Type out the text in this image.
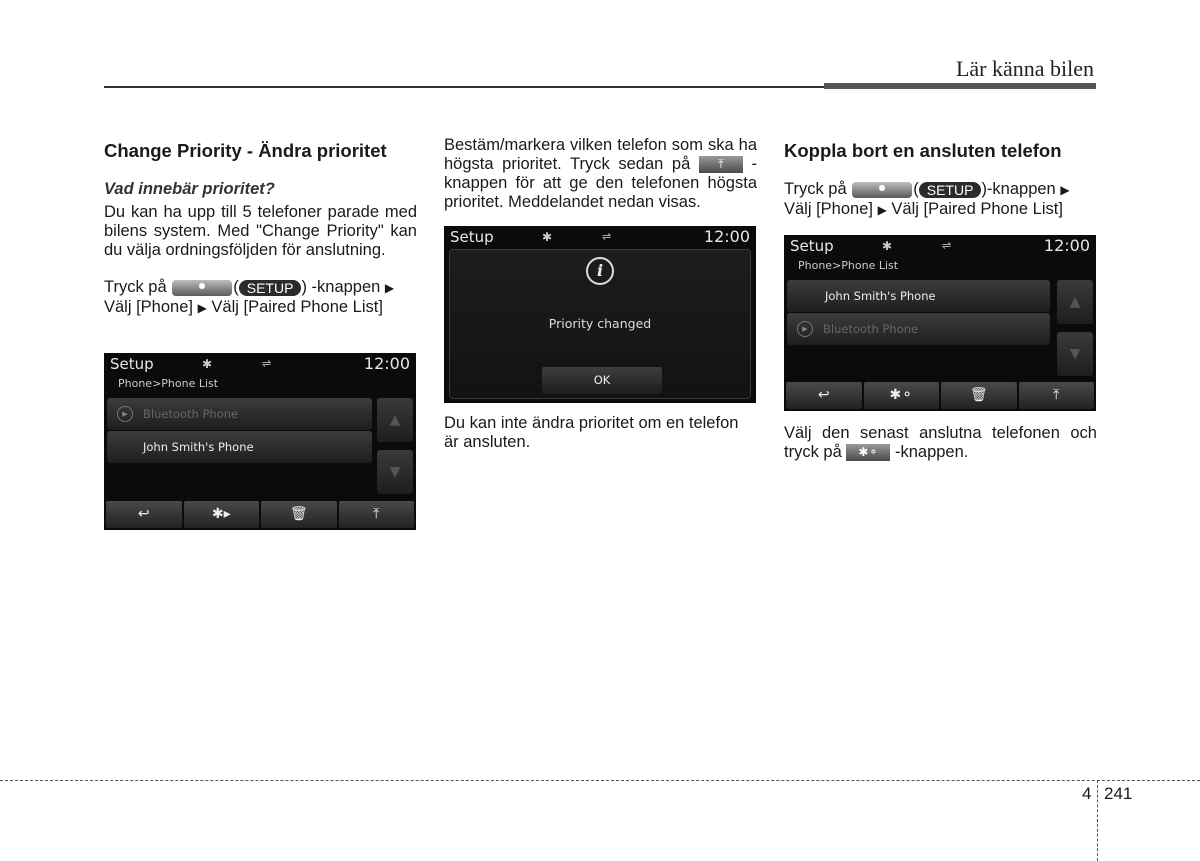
Lär känna bilen
Change Priority - Ändra prioritet
Vad innebär prioritet?

Du kan ha upp till 5 telefoner parade med bilens system. Med "Change Priority" kan du välja ordningsföljden för anslutning.

Tryck på	( SETUP ) -knappen ▶
Välj [Phone] ▶ Välj [Paired Phone List]

Setup	✱	⇌	12:00
Phone>Phone List
▶	Bluetooth Phone
John Smith's Phone
▲
▼
↩	✱▸	🗑	⤒

Bestäm/markera vilken telefon som ska ha högsta prioritet. Tryck sedan på ⤒ -knappen för att ge den telefonen högsta prioritet. Meddelandet nedan visas.

Setup	✱	⇌	12:00
i
Priority changed
OK

Du kan inte ändra prioritet om en telefon är ansluten.

Koppla bort en ansluten telefon

Tryck på	( SETUP )-knappen ▶
Välj [Phone] ▶ Välj [Paired Phone List]

Setup	✱	⇌	12:00
Phone>Phone List
John Smith's Phone
▶	Bluetooth Phone
▲
▼
↩	✱⚬	🗑	⤒

Välj den senast anslutna telefonen och tryck på ✱⚬ -knappen.

4 241
